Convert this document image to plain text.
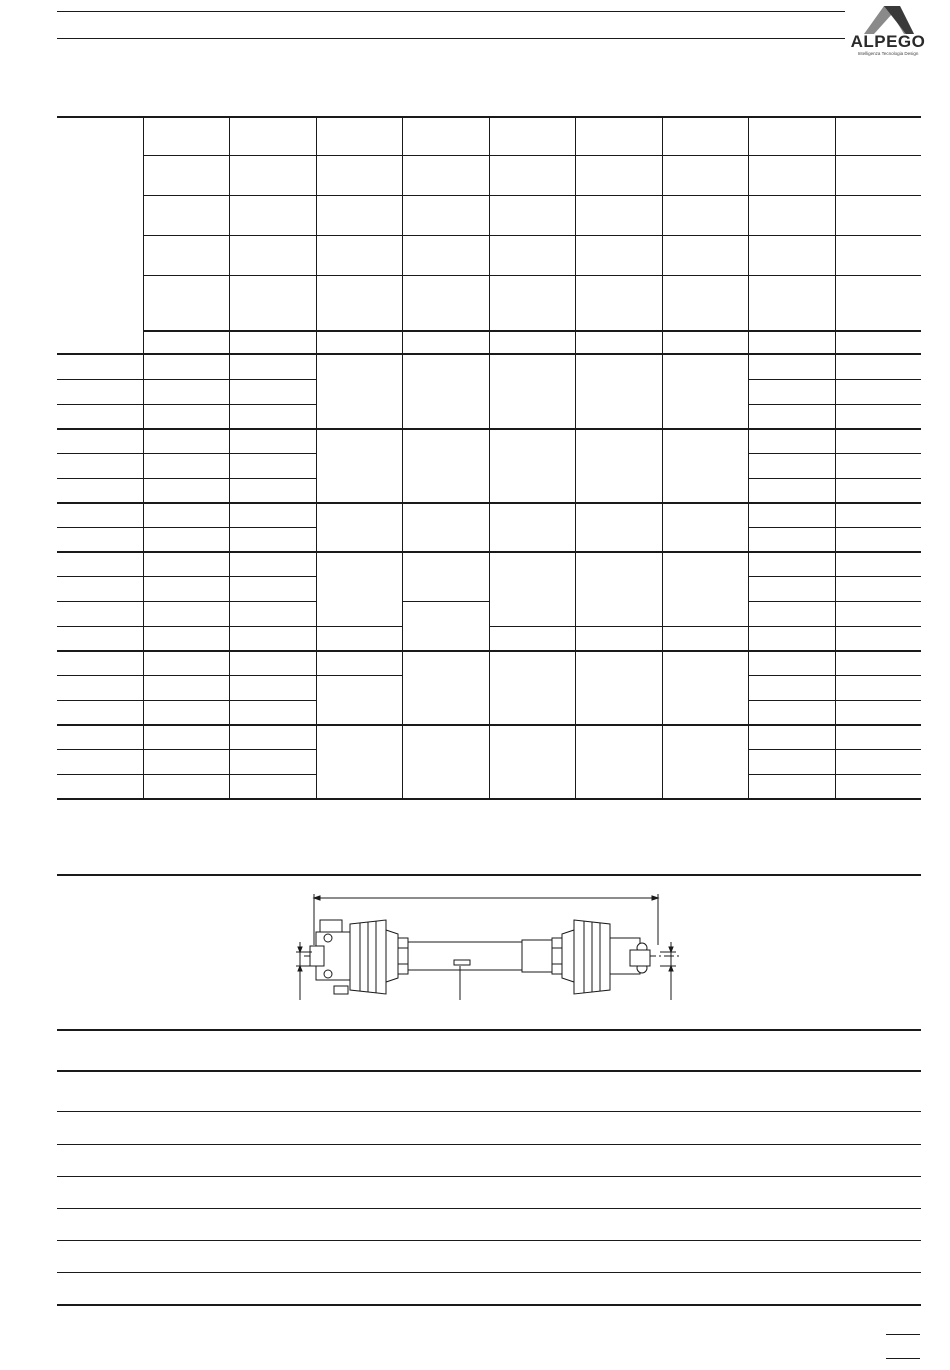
ALPEGO
Intelligenza Tecnologia Design
